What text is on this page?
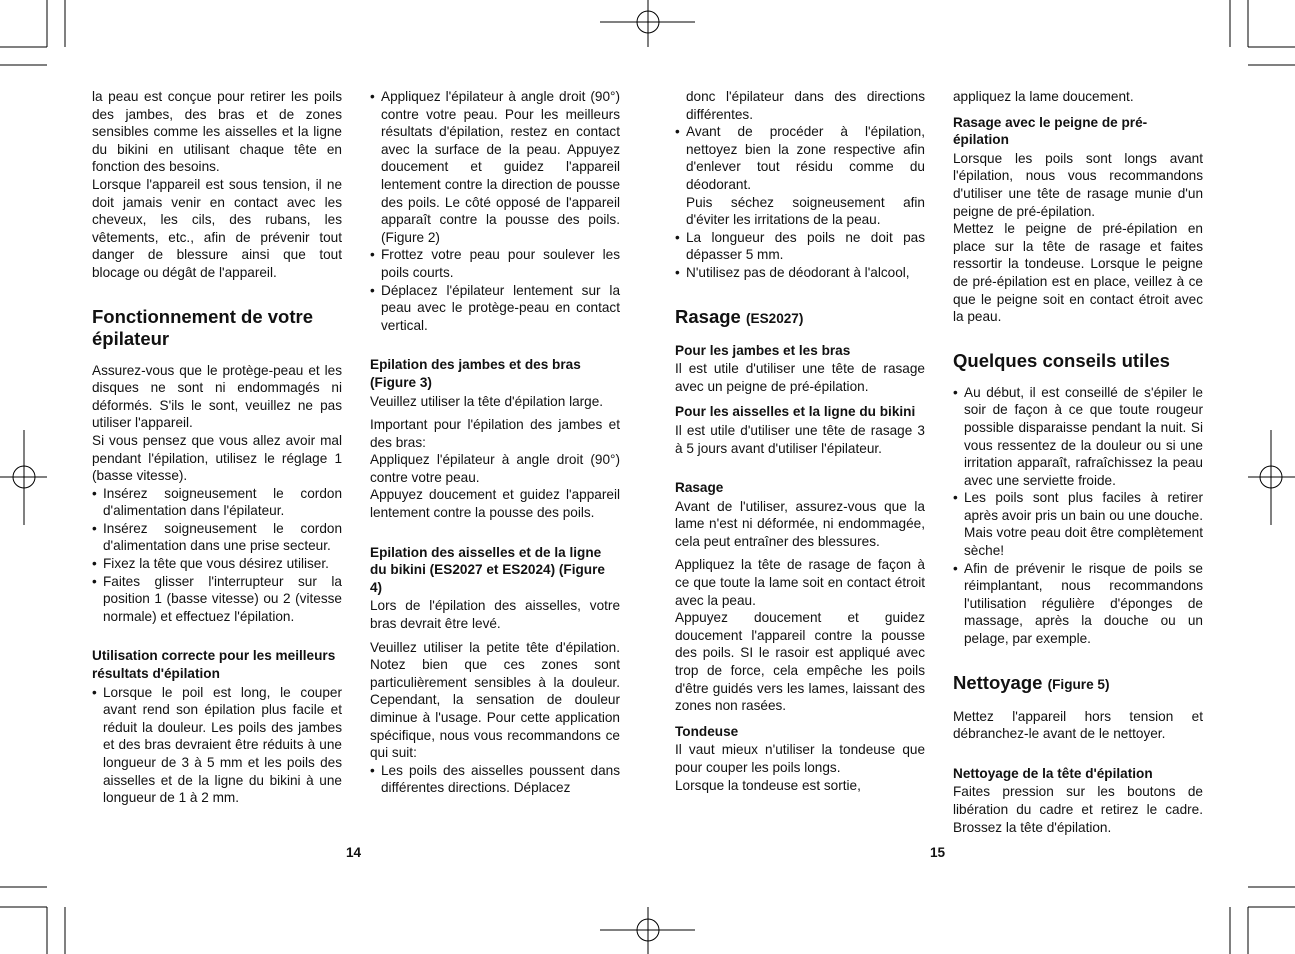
la peau est conçue pour retirer les poils des jambes, des bras et de zones sensibles comme les aisselles et la ligne du bikini en utilisant chaque tête en fonction des besoins.

Lorsque l'appareil est sous tension, il ne doit jamais venir en contact avec les cheveux, les cils, des rubans, les vêtements, etc., afin de prévenir tout danger de blessure ainsi que tout blocage ou dégât de l'appareil.

Fonctionnement de votre épilateur

Assurez-vous que le protège-peau et les disques ne sont ni endommagés ni déformés. S'ils le sont, veuillez ne pas utiliser l'appareil.

Si vous pensez que vous allez avoir mal pendant l'épilation, utilisez le réglage 1 (basse vitesse).

• Insérez soigneusement le cordon d'alimentation dans l'épilateur.
• Insérez soigneusement le cordon d'alimentation dans une prise secteur.
• Fixez la tête que vous désirez utiliser.
• Faites glisser l'interrupteur sur la position 1 (basse vitesse) ou 2 (vitesse normale) et effectuez l'épilation.
Utilisation correcte pour les meilleurs résultats d'épilation
• Lorsque le poil est long, le couper avant rend son épilation plus facile et réduit la douleur. Les poils des jambes et des bras devraient être réduits à une longueur de 3 à 5 mm et les poils des aisselles et de la ligne du bikini à une longueur de 1 à 2 mm.
• Appliquez l'épilateur à angle droit (90°) contre votre peau. Pour les meilleurs résultats d'épilation, restez en contact avec la surface de la peau. Appuyez doucement et guidez l'appareil lentement contre la direction de pousse des poils. Le côté opposé de l'appareil apparaît contre la pousse des poils.(Figure 2)
• Frottez votre peau pour soulever les poils courts.
• Déplacez l'épilateur lentement sur la peau avec le protège-peau en contact vertical.
Epilation des jambes et des bras (Figure 3)

Veuillez utiliser la tête d'épilation large.

Important pour l'épilation des jambes et des bras:

Appliquez l'épilateur à angle droit (90°) contre votre peau.

Appuyez doucement et guidez l'appareil lentement contre la pousse des poils.

Epilation des aisselles et de la ligne du bikini (ES2027 et ES2024) (Figure 4)

Lors de l'épilation des aisselles, votre bras devrait être levé.

Veuillez utiliser la petite tête d'épilation. Notez bien que ces zones sont particulièrement sensibles à la douleur. Cependant, la sensation de douleur diminue à l'usage. Pour cette application spécifique, nous vous recommandons ce qui suit:

• Les poils des aisselles poussent dans différentes directions. Déplacez

donc l'épilateur dans des directions différentes.

• Avant de procéder à l'épilation, nettoyez bien la zone respective afin d'enlever tout résidu comme du déodorant.
Puis séchez soigneusement afin d'éviter les irritations de la peau.
• La longueur des poils ne doit pas dépasser 5 mm.
• N'utilisez pas de déodorant à l'alcool,
Rasage (ES2027)
Pour les jambes et les bras

Il est utile d'utiliser une tête de rasage avec un peigne de pré-épilation.

Pour les aisselles et la ligne du bikini

Il est utile d'utiliser une tête de rasage 3 à 5 jours avant d'utiliser l'épilateur.

Rasage

Avant de l'utiliser, assurez-vous que la lame n'est ni déformée, ni endommagée, cela peut entraîner des blessures.

Appliquez la tête de rasage de façon à ce que toute la lame soit en contact étroit avec la peau.

Appuyez doucement et guidez doucement l'appareil contre la pousse des poils. SI le rasoir est appliqué avec trop de force, cela empêche les poils d'être guidés vers les lames, laissant des zones non rasées.

Tondeuse

Il vaut mieux n'utiliser la tondeuse que pour couper les poils longs.

Lorsque la tondeuse est sortie,

appliquez la lame doucement.

Rasage avec le peigne de pré-épilation

Lorsque les poils sont longs avant l'épilation, nous vous recommandons d'utiliser une tête de rasage munie d'un peigne de pré-épilation.

Mettez le peigne de pré-épilation en place sur la tête de rasage et faites ressortir la tondeuse. Lorsque le peigne de pré-épilation est en place, veillez à ce que le peigne soit en contact étroit avec la peau.

Quelques conseils utiles
• Au début, il est conseillé de s'épiler le soir de façon à ce que toute rougeur possible disparaisse pendant la nuit. Si vous ressentez de la douleur ou si une irritation apparaît, rafraîchissez la peau avec une serviette froide.
• Les poils sont plus faciles à retirer après avoir pris un bain ou une douche. Mais votre peau doit être complètement sèche!
• Afin de prévenir le risque de poils se réimplantant, nous recommandons l'utilisation régulière d'éponges de massage, après la douche ou un pelage, par exemple.
Nettoyage (Figure 5)

Mettez l'appareil hors tension et débranchez-le avant de le nettoyer.

Nettoyage de la tête d'épilation

Faites pression sur les boutons de libération du cadre et retirez le cadre. Brossez la tête d'épilation.

14	15
